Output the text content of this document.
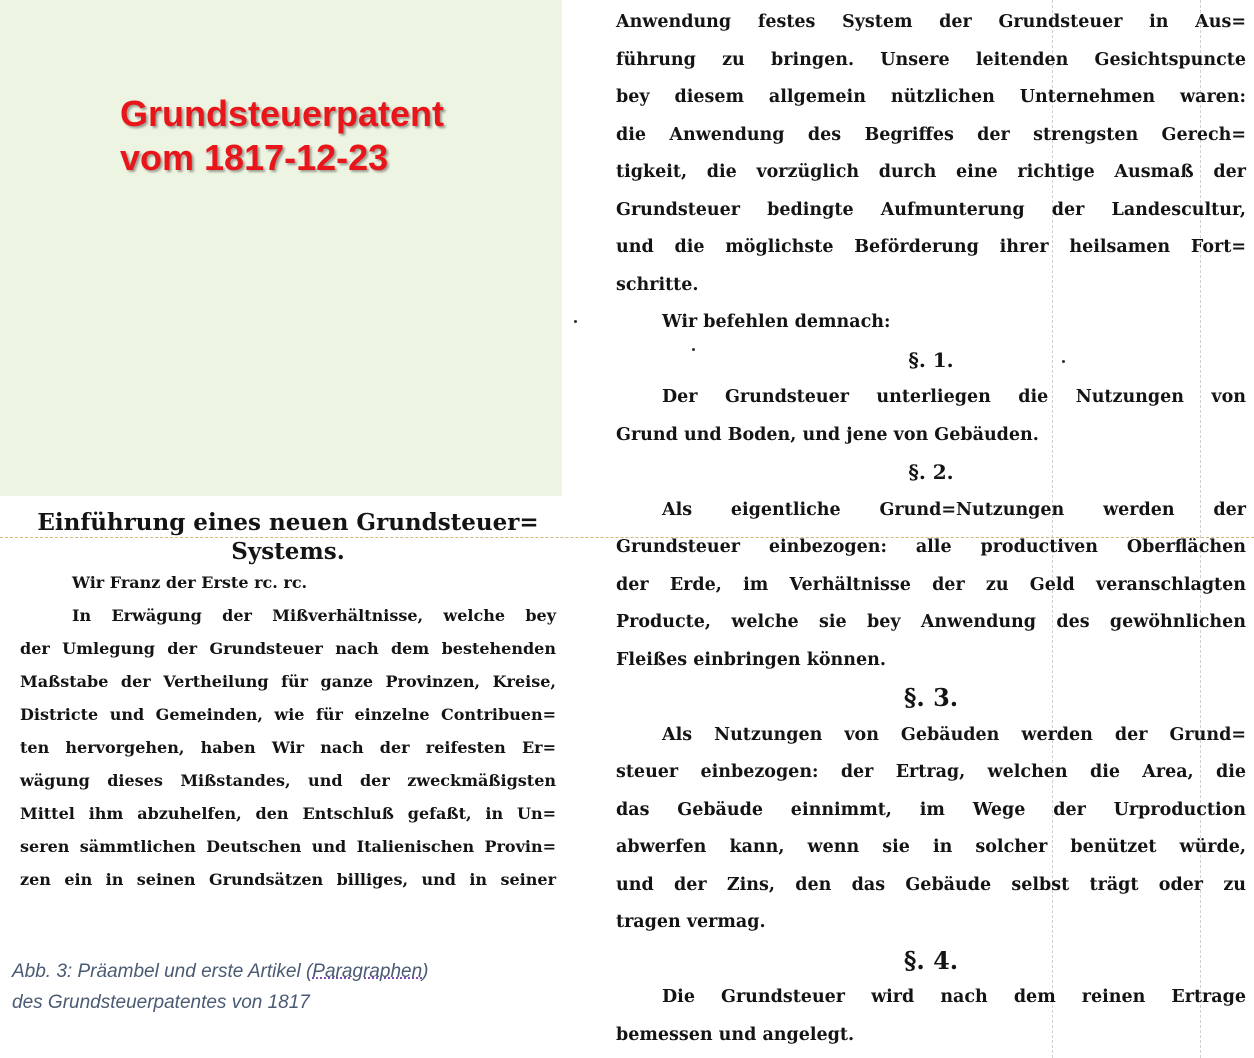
Grundsteuerpatent
vom 1817-12-23
Anwendung festes System der Grundsteuer in Aus=
führung zu bringen. Unsere leitenden Gesichtspuncte
bey diesem allgemein nützlichen Unternehmen waren:
die Anwendung des Begriffes der strengsten Gerech=
tigkeit, die vorzüglich durch eine richtige Ausmaß der
Grundsteuer bedingte Aufmunterung der Landescultur,
und die möglichste Beförderung ihrer heilsamen Fort=
schritte.
Wir befehlen demnach:
§. 1.
Der Grundsteuer unterliegen die Nutzungen von
Grund und Boden, und jene von Gebäuden.
§. 2.
Als eigentliche Grund=Nutzungen werden der
Grundsteuer einbezogen: alle productiven Oberflächen
der Erde, im Verhältnisse der zu Geld veranschlagten
Producte, welche sie bey Anwendung des gewöhnlichen
Fleißes einbringen können.
§. 3.
Als Nutzungen von Gebäuden werden der Grund=
steuer einbezogen: der Ertrag, welchen die Area, die
das Gebäude einnimmt, im Wege der Urproduction
abwerfen kann, wenn sie in solcher benützet würde,
und der Zins, den das Gebäude selbst trägt oder zu
tragen vermag.
§. 4.
Die Grundsteuer wird nach dem reinen Ertrage
bemessen und angelegt.
Einführung eines neuen Grundsteuer=
Systems.
Wir Franz der Erste rc. rc.
In Erwägung der Mißverhältnisse, welche bey
der Umlegung der Grundsteuer nach dem bestehenden
Maßstabe der Vertheilung für ganze Provinzen, Kreise,
Districte und Gemeinden, wie für einzelne Contribuen=
ten hervorgehen, haben Wir nach der reifesten Er=
wägung dieses Mißstandes, und der zweckmäßigsten
Mittel ihm abzuhelfen, den Entschluß gefaßt, in Un=
seren sämmtlichen Deutschen und Italienischen Provin=
zen ein in seinen Grundsätzen billiges, und in seiner
Abb. 3: Präambel und erste Artikel (Paragraphen)
des Grundsteuerpatentes von 1817
